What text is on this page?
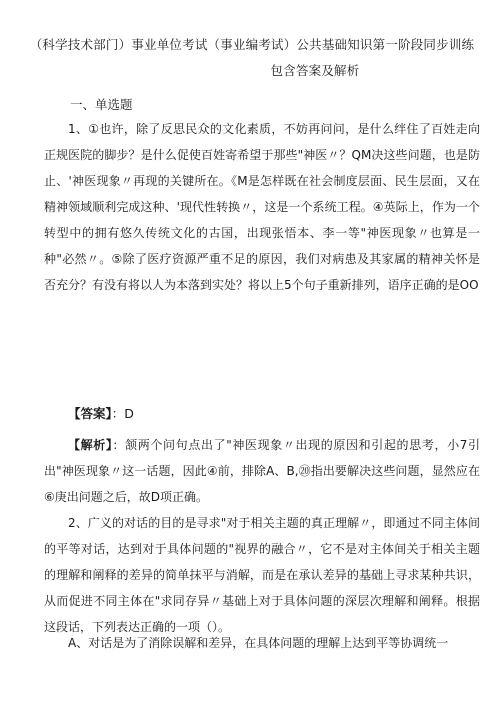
（科学技术部门）事业单位考试（事业编考试）公共基础知识第一阶段同步训练
包含答案及解析
一、单选题

1、①也许，除了反思民众的文化素质，不妨再问问，是什么绊住了百姓走向正规医院的脚步？是什么促使百姓寄希望于那些"神医〃？QM决这些问题，也是防止、'神医现象〃再现的关键所在。《M是怎样既在社会制度层面、民生层面，又在精神领域顺利完成这种、'现代性转换〃，这是一个系统工程。④英际上，作为一个转型中的拥有悠久传统文化的古国，出现张悟本、李一等"神医现象〃也算是一种"必然〃。⑤除了医疗资源严重不足的原因，我们对病患及其家属的精神关怀是否充分？有没有将以人为本落到实处？将以上5个句子重新排列，语序正确的是OO

【答案】：D

【解析】：颔两个问句点出了"神医现象〃出现的原因和引起的思考，小7引出"神医现象〃这一话题，因此④前，排除A、B,⑳指出要解决这些问题，显然应在⑥庚出问题之后，故D项正确。

2、广义的对话的目的是寻求"对于相关主题的真正理解〃，即通过不同主体间的平等对话，达到对于具体问题的"视界的融合〃，它不是对主体间关于相关主题的理解和阐释的差异的简单抹平与消解，而是在承认差异的基础上寻求某种共识，从而促进不同主体在"求同存异〃基础上对于具体问题的深层次理解和阐释。根据这段话，下列表达正确的一项（）。

A、对话是为了消除误解和差异，在具体问题的理解上达到平等协调统一
